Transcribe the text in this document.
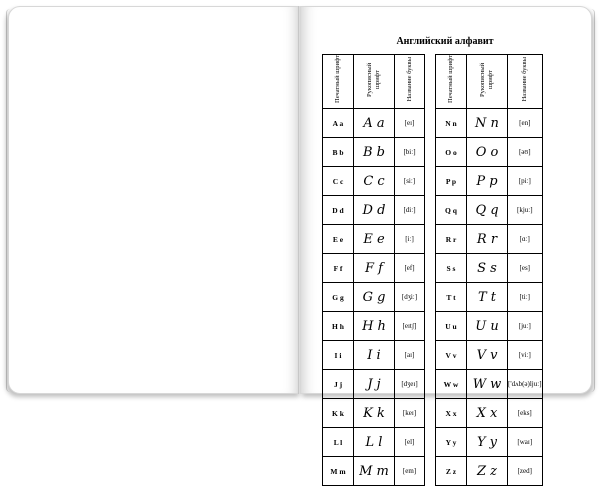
Английский алфавит
Печатный шрифт	Рукописный шрифт	Название буквы
A a	A a	[eɪ]
B b	B b	[biː]
C c	C c	[siː]
D d	D d	[diː]
E e	E e	[iː]
F f	F f	[ef]
G g	G g	[dʒiː]
H h	H h	[eɪtʃ]
I i	I i	[aɪ]
J j	J j	[dʒeɪ]
K k	K k	[keɪ]
L l	L l	[el]
M m	M m	[em]
Печатный шрифт	Рукописный шрифт	Название буквы
N n	N n	[en]
O o	O o	[əʊ]
P p	P p	[piː]
Q q	Q q	[kjuː]
R r	R r	[ɑː]
S s	S s	[es]
T t	T t	[tiː]
U u	U u	[juː]
V v	V v	[viː]
W w	W w	['dʌb(ə)ljuː]
X x	X x	[eks]
Y y	Y y	[waɪ]
Z z	Z z	[zed]
